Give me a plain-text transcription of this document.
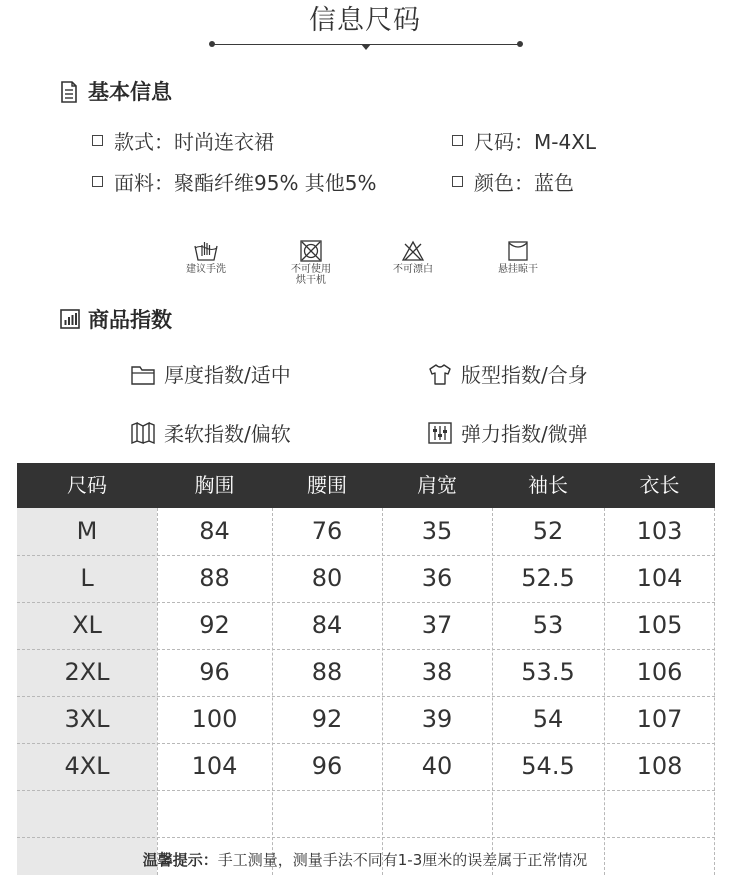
信息尺码
基本信息
款式：时尚连衣裙	尺码：M-4XL
面料：聚酯纤维95% 其他5%	颜色：蓝色
建议手洗	不可使用
烘干机
不可漂白	悬挂晾干
商品指数
厚度指数/适中	版型指数/合身
柔软指数/偏软	弹力指数/微弹
尺码	胸围	腰围	肩宽	袖长	衣长
M	84	76	35	52	103
L	88	80	36	52.5	104
XL	92	84	37	53	105
2XL	96	88	38	53.5	106
3XL	100	92	39	54	107
4XL	104	96	40	54.5	108
温馨提示：手工测量，测量手法不同有1-3厘米的误差属于正常情况
